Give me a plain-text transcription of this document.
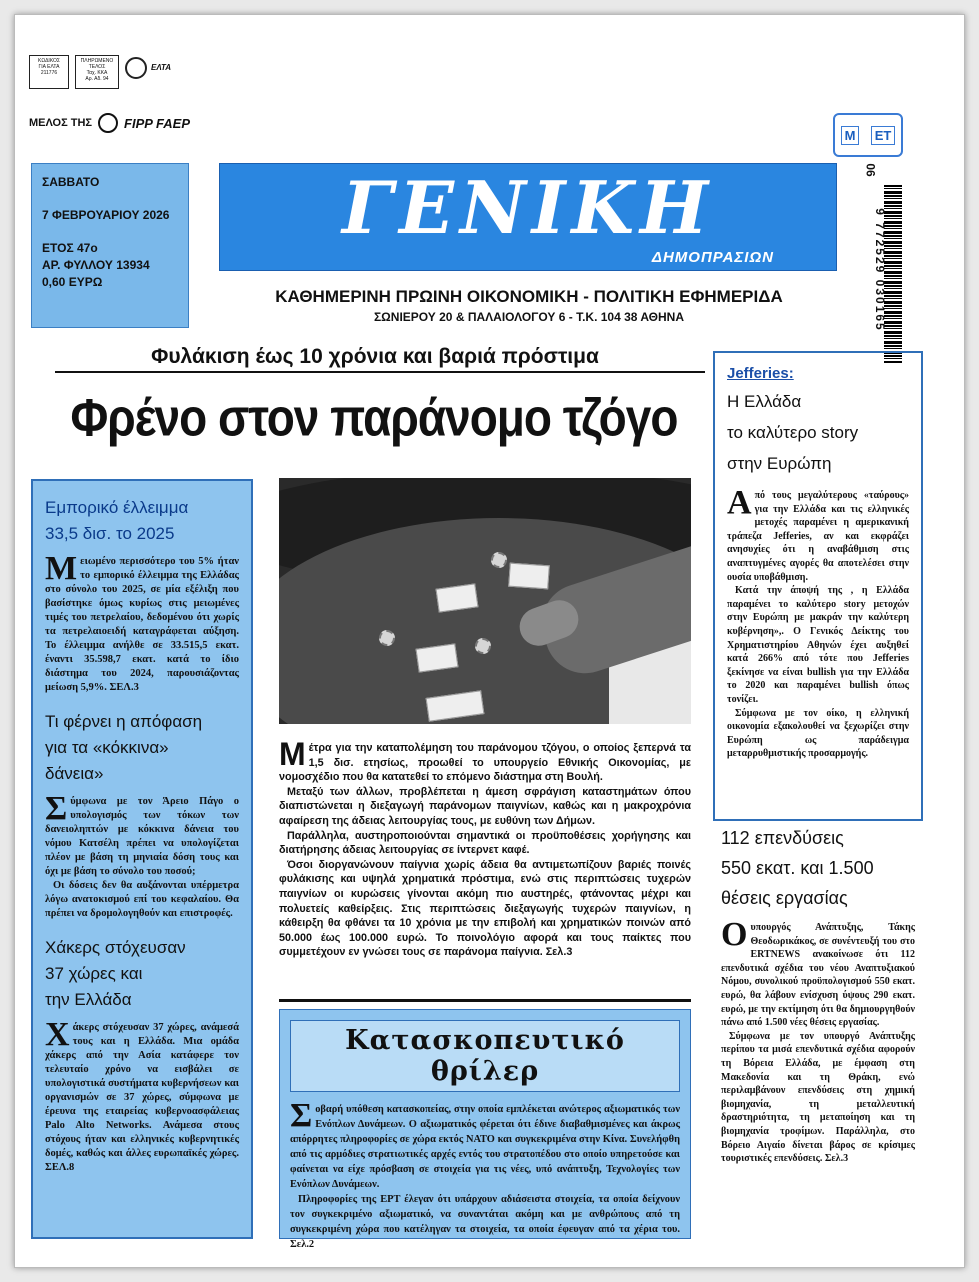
ΚΩΔΙΚΟΣ
ΓΙΑ ΕΛΤΑ
211776
ΠΛΗΡΩΜΕΝΟ
ΤΕΛΟΣ
Ταχ. ΚΚΑ
Αρ. Αδ. 94
ΕΛΤΑ
ΜΕΛΟΣ ΤΗΣ FIPP FAEP
Μ	ΕΤ
ΣΑΒΒΑΤΟ
7 ΦΕΒΡΟΥΑΡΙΟΥ 2026
ΕΤΟΣ 47ο
ΑΡ. ΦΥΛΛΟΥ 13934
0,60 ΕΥΡΩ
ΓΕΝΙΚΗ
ΔΗΜΟΠΡΑΣΙΩΝ
ΚΑΘΗΜΕΡΙΝΗ ΠΡΩΙΝΗ ΟΙΚΟΝΟΜΙΚΗ - ΠΟΛΙΤΙΚΗ ΕΦΗΜΕΡΙΔΑ
ΣΩΝΙΕΡΟΥ 20 & ΠΑΛΑΙΟΛΟΓΟΥ 6 - Τ.Κ. 104 38 ΑΘΗΝΑ
06
9 772529 030165
Φυλάκιση έως 10 χρόνια και βαριά πρόστιμα
Φρένο στον παράνομο τζόγο
Εμπορικό έλλειμμα
33,5 δισ. το 2025
Μειωμένο περισσότερο του 5% ήταν το εμπορικό έλλειμμα της Ελλάδας στο σύνολο του 2025, σε μία εξέλιξη που βασίστηκε όμως κυρίως στις μειωμένες τιμές του πετρελαίου, δεδομένου ότι χωρίς τα πετρελαιοειδή καταγράφεται αύξηση. Το έλλειμμα ανήλθε σε 33.515,5 εκατ. έναντι 35.598,7 εκατ. κατά το ίδιο διάστημα του 2024, παρουσιάζοντας μείωση 5,9%. ΣΕΛ.3
Τι φέρνει η απόφαση
για τα «κόκκινα»
δάνεια»
Σύμφωνα με τον Άρειο Πάγο ο υπολογισμός των τόκων των δανειοληπτών με κόκκινα δάνεια του νόμου Κατσέλη πρέπει να υπολογίζεται πλέον με βάση τη μηνιαία δόση τους και όχι με βάση το σύνολο του ποσού;

Οι δόσεις δεν θα αυξάνονται υπέρμετρα λόγω ανατοκισμού επί του κεφαλαίου. Θα πρέπει να δρομολογηθούν και επιστροφές.

Χάκερς στόχευσαν
37 χώρες και
την Ελλάδα
Χάκερς στόχευσαν 37 χώρες, ανάμεσά τους και η Ελλάδα. Μια ομάδα χάκερς από την Ασία κατάφερε τον τελευταίο χρόνο να εισβάλει σε υπολογιστικά συστήματα κυβερνήσεων και οργανισμών σε 37 χώρες, σύμφωνα με έρευνα της εταιρείας κυβερνοασφάλειας Palo Alto Networks. Ανάμεσα στους στόχους ήταν και ελληνικές κυβερνητικές δομές, καθώς και άλλες ευρωπαϊκές χώρες. ΣΕΛ.8
Μέτρα για την καταπολέμηση του παράνομου τζόγου, ο οποίος ξεπερνά τα 1,5 δισ. ετησίως, προωθεί το υπουργείο Εθνικής Οικονομίας, με νομοσχέδιο που θα κατατεθεί το επόμενο διάστημα στη Βουλή.

Μεταξύ των άλλων, προβλέπεται η άμεση σφράγιση καταστημάτων όπου διαπιστώνεται η διεξαγωγή παράνομων παιγνίων, καθώς και η μακροχρόνια αφαίρεση της άδειας λειτουργίας τους, με ευθύνη των Δήμων.

Παράλληλα, αυστηροποιούνται σημαντικά οι προϋποθέσεις χορήγησης και διατήρησης άδειας λειτουργίας σε ίντερνετ καφέ.

Όσοι διοργανώνουν παίγνια χωρίς άδεια θα αντιμετωπίζουν βαριές ποινές φυλάκισης και υψηλά χρηματικά πρόστιμα, ενώ στις περιπτώσεις τυχερών παιγνίων οι κυρώσεις γίνονται ακόμη πιο αυστηρές, φτάνοντας μέχρι και πολυετείς καθείρξεις. Στις περιπτώσεις διεξαγωγής τυχερών παιγνίων, η κάθειρξη θα φθάνει τα 10 χρόνια με την επιβολή και χρηματικών ποινών από 50.000 έως 100.000 ευρώ. Το ποινολόγιο αφορά και τους παίκτες που συμμετέχουν εν γνώσει τους σε παράνομα παίγνια. Σελ.3

Κατασκοπευτικό θρίλερ
Σοβαρή υπόθεση κατασκοπείας, στην οποία εμπλέκεται ανώτερος αξιωματικός των Ενόπλων Δυνάμεων. Ο αξιωματικός φέρεται ότι έδινε διαβαθμισμένες και άκρως απόρρητες πληροφορίες σε χώρα εκτός ΝΑΤΟ και συγκεκριμένα στην Κίνα. Συνελήφθη από τις αρμόδιες στρατιωτικές αρχές εντός του στρατοπέδου στο οποίο υπηρετούσε και φαίνεται να είχε πρόσβαση σε στοιχεία για τις νέες, υπό ανάπτυξη, Τεχνολογίες των Ενόπλων Δυνάμεων.

Πληροφορίες της ΕΡΤ έλεγαν ότι υπάρχουν αδιάσειστα στοιχεία, τα οποία δείχνουν τον συγκεκριμένο αξιωματικό, να συναντάται ακόμη και με ανθρώπους από τη συγκεκριμένη χώρα που κατέληγαν τα στοιχεία, τα οποία έφευγαν από τα χέρια του. Σελ.2

Jefferies:
Η Ελλάδα
το καλύτερο story
στην Ευρώπη
Από τους μεγαλύτερους «ταύρους» για την Ελλάδα και τις ελληνικές μετοχές παραμένει η αμερικανική τράπεζα Jefferies, αν και εκφράζει ανησυχίες ότι η αναβάθμιση στις αναπτυγμένες αγορές θα αποτελέσει στην ουσία υποβάθμιση.

Κατά την άποψή της , η Ελλάδα παραμένει το καλύτερο story μετοχών στην Ευρώπη με μακράν την καλύτερη κυβέρνηση»,. Ο Γενικός Δείκτης του Χρηματιστηρίου Αθηνών έχει αυξηθεί κατά 266% από τότε που Jefferies ξεκίνησε να είναι bullish για την Ελλάδα το 2020 και παραμένει bullish όπως τονίζει.

Σύμφωνα με τον οίκο, η ελληνική οικονομία εξακολουθεί να ξεχωρίζει στην Ευρώπη ως παράδειγμα μεταρρυθμιστικής προσαρμογής.

112 επενδύσεις
550 εκατ. και 1.500
θέσεις εργασίας
Ουπουργός Ανάπτυξης, Τάκης Θεοδωρικάκος, σε συνέντευξή του στο ΕRTNEWS ανακοίνωσε ότι 112 επενδυτικά σχέδια του νέου Αναπτυξιακού Νόμου, συνολικού προϋπολογισμού 550 εκατ. ευρώ, θα λάβουν ενίσχυση ύψους 290 εκατ. ευρώ, με την εκτίμηση ότι θα δημιουργηθούν πάνω από 1.500 νέες θέσεις εργασίας.

Σύμφωνα με τον υπουργό Ανάπτυξης περίπου τα μισά επενδυτικά σχέδια αφορούν τη Βόρεια Ελλάδα, με έμφαση στη Μακεδονία και τη Θράκη, ενώ περιλαμβάνουν επενδύσεις στη χημική βιομηχανία, τη μεταλλευτική δραστηριότητα, τη μεταποίηση και τη βιομηχανία τροφίμων. Παράλληλα, στο Βόρειο Αιγαίο δίνεται βάρος σε κρίσιμες τουριστικές επενδύσεις. Σελ.3
